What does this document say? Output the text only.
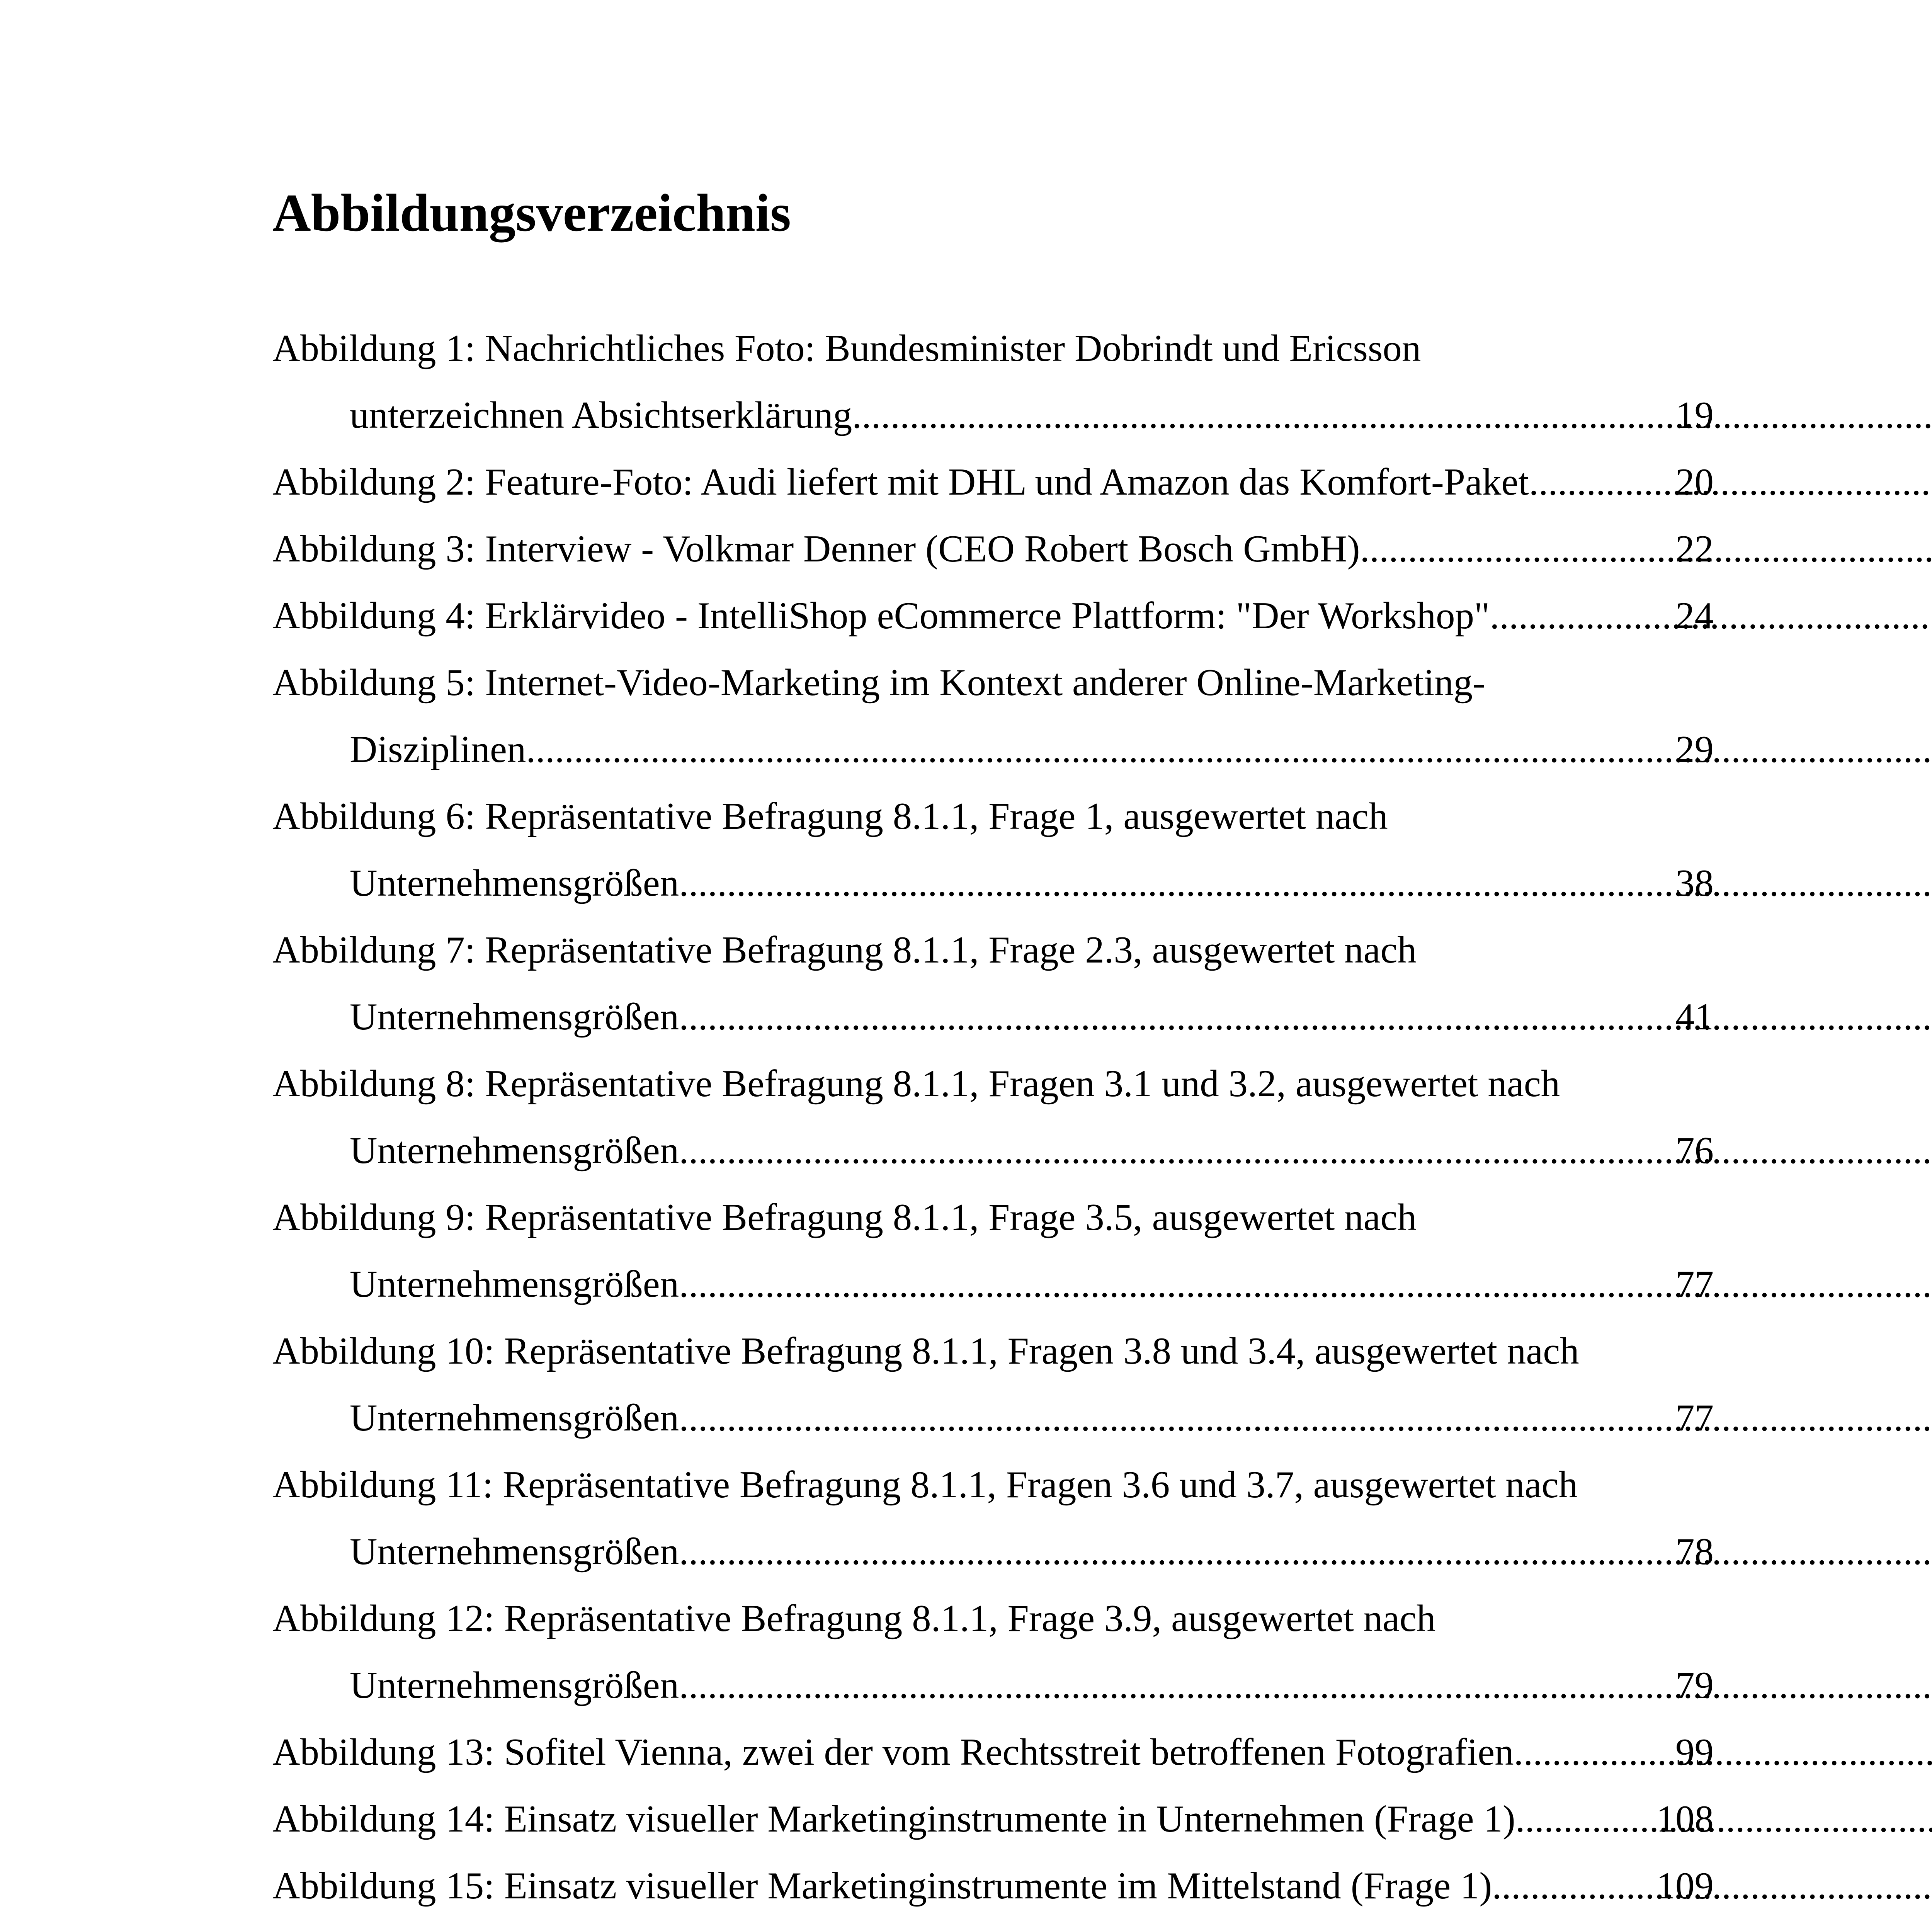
Abbildungsverzeichnis
Abbildung 1: Nachrichtliches Foto: Bundesminister Dobrindt und Ericsson
unterzeichnen Absichtserklärung. .....	19
Abbildung 2: Feature-Foto: Audi liefert mit DHL und Amazon das Komfort-Paket. .....	20
Abbildung 3: Interview - Volkmar Denner (CEO Robert Bosch GmbH). .....	22
Abbildung 4: Erklärvideo - IntelliShop eCommerce Plattform: "Der Workshop". .....	24
Abbildung 5: Internet-Video-Marketing im Kontext anderer Online-Marketing-
Disziplinen. .....	29
Abbildung 6: Repräsentative Befragung 8.1.1, Frage 1, ausgewertet nach
Unternehmensgrößen. .....	38
Abbildung 7: Repräsentative Befragung 8.1.1, Frage 2.3, ausgewertet nach
Unternehmensgrößen. .....	41
Abbildung 8: Repräsentative Befragung 8.1.1, Fragen 3.1 und 3.2, ausgewertet nach
Unternehmensgrößen. .....	76
Abbildung 9: Repräsentative Befragung 8.1.1, Frage 3.5, ausgewertet nach
Unternehmensgrößen. .....	77
Abbildung 10: Repräsentative Befragung 8.1.1, Fragen 3.8 und 3.4, ausgewertet nach
Unternehmensgrößen. .....	77
Abbildung 11: Repräsentative Befragung 8.1.1, Fragen 3.6 und 3.7, ausgewertet nach
Unternehmensgrößen. .....	78
Abbildung 12: Repräsentative Befragung 8.1.1, Frage 3.9, ausgewertet nach
Unternehmensgrößen. .....	79
Abbildung 13: Sofitel Vienna, zwei der vom Rechtsstreit betroffenen Fotografien. .....	99
Abbildung 14: Einsatz visueller Marketinginstrumente in Unternehmen (Frage 1). .....	108
Abbildung 15: Einsatz visueller Marketinginstrumente im Mittelstand (Frage 1). .....	109
